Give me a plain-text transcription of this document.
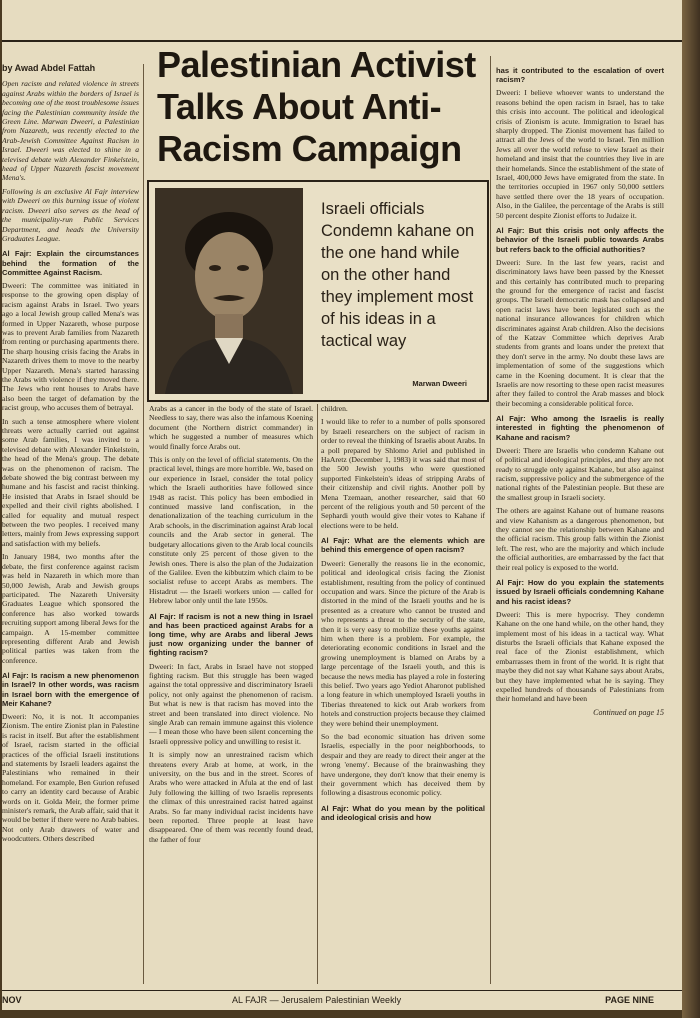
Palestinian Activist Talks About Anti-Racism Campaign
by Awad Abdel Fattah
Open racism and related violence in streets against Arabs within the borders of Israel is becoming one of the most troublesome issues facing the Palestinian community inside the Green Line. Marwan Dweeri, a Palestinian from Nazareth, was recently elected to the Arab-Jewish Committee Against Racism in Israel. Dweeri was elected to shine in a televised debate with Alexander Finkelstein, head of Upper Nazareth fascist movement Mena's.
Following is an exclusive Al Fajr interview with Dweeri on this burning issue of violent racism. Dweeri also serves as the head of the municipality-run Public Services Department, and heads the University Graduates League.

Al Fajr: Explain the circumstances behind the formation of the Committee Against Racism.

Dweeri: The committee was initiated in response to the growing open display of racism against Arabs in Israel. Two years ago a local Jewish group called Mena's was formed in Upper Nazareth, whose purpose was to prevent Arab families from Nazareth from renting or purchasing apartments there. The sharp housing crisis facing the Arabs in Nazareth drives them to move to the nearby Upper Nazareth. Mena's started harassing the Arabs with violence if they moved there. The Jews who rent houses to Arabs have also been the target of defamation by the racist group, who accuses them of betrayal.

In such a tense atmosphere where violent threats were actually carried out against some Arab families, I was invited to a televised debate with Alexander Finkelstein, the head of the Mena's group. The debate was on the phenomenon of racism. The debate showed the big contrast between my humane and his fascist and racist thinking. He insisted that Arabs in Israel should be expelled and their civil rights abolished. I called for equality and mutual respect between the two peoples. I received many letters, mainly from Jews expressing support and satisfaction with my beliefs.

In January 1984, two months after the debate, the first conference against racism was held in Nazareth in which more than 50,000 Jewish, Arab and Jewish groups participated. The Nazareth University Graduates League which sponsored the conference has also worked towards recruiting support among liberal Jews for the campaign. A 15-member committee representing different Arab and Jewish political parties was taken from the conference.

Al Fajr: Is racism a new phenomenon in Israel? In other words, was racism in Israel born with the emergence of Meir Kahane?

Dweeri: No, it is not. It accompanies Zionism. The entire Zionist plan in Palestine is racist in itself. But after the establishment of Israel, racism started in the official practices of the official Israeli institutions and statements by Israeli leaders against the Palestinians who remained in their homeland. For example, Ben Gurion refused to carry an identity card because of Arabic words on it. Golda Meir, the former prime minister's remark, the Arab affair, said that it would be better if there were no Arab babies. Not only Arab drawers of water and woodcutters. Others described

Israeli officials Condemn kahane on the one hand while on the other hand they implement most of his ideas in a tactical way
Marwan Dweeri

Arabs as a cancer in the body of the state of Israel. Needless to say, there was also the infamous Koening document (the Northern district commander) in which he suggested a number of measures which would finally force Arabs out.

This is only on the level of official statements. On the practical level, things are more horrible. We, based on our experience in Israel, consider the total policy which the Israeli authorities have followed since 1948 as racist. This policy has been embodied in continued massive land confiscation, in the denationalization of the teaching curriculum in the Arab schools, in the discrimination against Arab local councils and the Arab sector in general. The budgetary allocations given to the Arab local councils constitute only 25 percent of those given to the Jewish ones. There is also the plan of the Judaization of the Galilee. Even the kibbutzim which claim to be socialist refuse to accept Arabs as members. The Histadrut — the Israeli workers union — called for Hebrew labor only until the late 1950s.

Al Fajr: If racism is not a new thing in Israel and has been practiced against Arabs for a long time, why are Arabs and liberal Jews just now organizing under the banner of fighting racism?

Dweeri: In fact, Arabs in Israel have not stopped fighting racism. But this struggle has been waged against the total oppressive and discriminatory Israeli policy, not only against the phenomenon of racism. But what is new is that racism has moved into the street and been translated into direct violence. No single Arab can remain immune against this violence — I mean those who have been silent concerning the Israeli oppressive policy and unwilling to resist it.

It is simply now an unrestrained racism which threatens every Arab at home, at work, in the university, on the bus and in the street. Scores of Arabs who were attacked in Afula at the end of last July following the killing of two Israelis represents the climax of this unrestrained racist hatred against Arabs. So far many individual racist incidents have been reported. Three people at least have disappeared. One of them was recently found dead, the father of four

children.

I would like to refer to a number of polls sponsored by Israeli researchers on the subject of racism in order to reveal the thinking of Israelis about Arabs. In a poll prepared by Shlomo Ariel and published in HaAretz (December 1, 1983) it was said that most of the 500 Jewish youths who were questioned supported Finkelstein's ideas of stripping Arabs of their citizenship and civil rights. Another poll by Mena Tzemaan, another researcher, said that 60 percent of the religious youth and 50 percent of the Sephardi youth would give their votes to Kahane if elections were to be held.

Al Fajr: What are the elements which are behind this emergence of open racism?

Dweeri: Generally the reasons lie in the economic, political and ideological crisis facing the Zionist establishment, resulting from the policy of continued occupation and wars. Since the picture of the Arab is distorted in the mind of the Israeli youths and he is presented as a creature who cannot be trusted and who represents a threat to the security of the state, then it is very easy to mobilize these youths against him when there is a problem. For example, the deteriorating economic conditions in Israel and the growing unemployment is blamed on Arabs by a large percentage of the Israeli youth, and this is because the news media has played a role in fostering this belief. Two years ago Yediot Aharonot published a long feature in which unemployed Israeli youths in Tiberias threatened to kick out Arab workers from hotels and construction projects because they claimed they were behind their unemployment.

So the bad economic situation has driven some Israelis, especially in the poor neighborhoods, to despair and they are ready to direct their anger at the wrong 'enemy'. Because of the brainwashing they have undergone, they don't know that their enemy is their government which has deceived them by following a disastrous economic policy.

Al Fajr: What do you mean by the political and ideological crisis and how

has it contributed to the escalation of overt racism?

Dweeri: I believe whoever wants to understand the reasons behind the open racism in Israel, has to take this crisis into account. The political and ideological crisis of Zionism is acute. Immigration to Israel has sharply dropped. The Zionist movement has failed to attract all the Jews of the world to Israel. Ten million Jews all over the world refuse to view Israel as their homeland and insist that the countries they live in are their homelands. Since the establishment of the state of Israel, 400,000 Jews have emigrated from the state. In the territories occupied in 1967 only 50,000 settlers have settled there over the 18 years of occupation. Also, in the Galilee, the percentage of the Arabs is still 50 percent despite Zionist efforts to Judaize it.

Al Fajr: But this crisis not only affects the behavior of the Israeli public towards Arabs but refers back to the official authorities?

Dweeri: Sure. In the last few years, racist and discriminatory laws have been passed by the Knesset and this certainly has contributed much to preparing the ground for the emergence of racist and fascist groups. The Israeli democratic mask has collapsed and open racist laws have been legislated such as the national insurance allowances for children which discriminates against Arab children. Also the decisions of the Katzav Committee which deprives Arab students from grants and loans under the pretext that they don't serve in the army. No doubt these laws are implementation of some of the suggestions which came in the Koening document. It is clear that the Israelis are now resorting to these open racist measures after they failed to control the Arab masses and block their becoming a considerable political force.

Al Fajr: Who among the Israelis is really interested in fighting the phenomenon of Kahane and racism?

Dweeri: There are Israelis who condemn Kahane out of political and ideological principles, and they are not ready to struggle only against Kahane, but also against racism, suppressive policy and the submergence of the national rights of the Palestinian people. But these are the smallest group in Israeli society.

The others are against Kahane out of humane reasons and view Kahanism as a dangerous phenomenon, but they cannot see the relationship between Kahane and the official racism. This group falls within the Zionist left. The rest, who are the majority and which include the official authorities, are embarrassed by the fact that their real policy is exposed to the world.

Al Fajr: How do you explain the statements issued by Israeli officials condemning Kahane and his racist ideas?

Dweeri: This is mere hypocrisy. They condemn Kahane on the one hand while, on the other hand, they implement most of his ideas in a tactical way. What disturbs the Israeli officials that Kahane exposed the real face of the Zionist establishment, which embarrasses them in front of the world. It is right that maybe they did not say what Kahane says about Arabs, but they have implemented what he is saying. They expelled hundreds of thousands of Palestinians from their homeland and have been

Continued on page 15
NOV	AL FAJR — Jerusalem Palestinian Weekly	PAGE NINE
